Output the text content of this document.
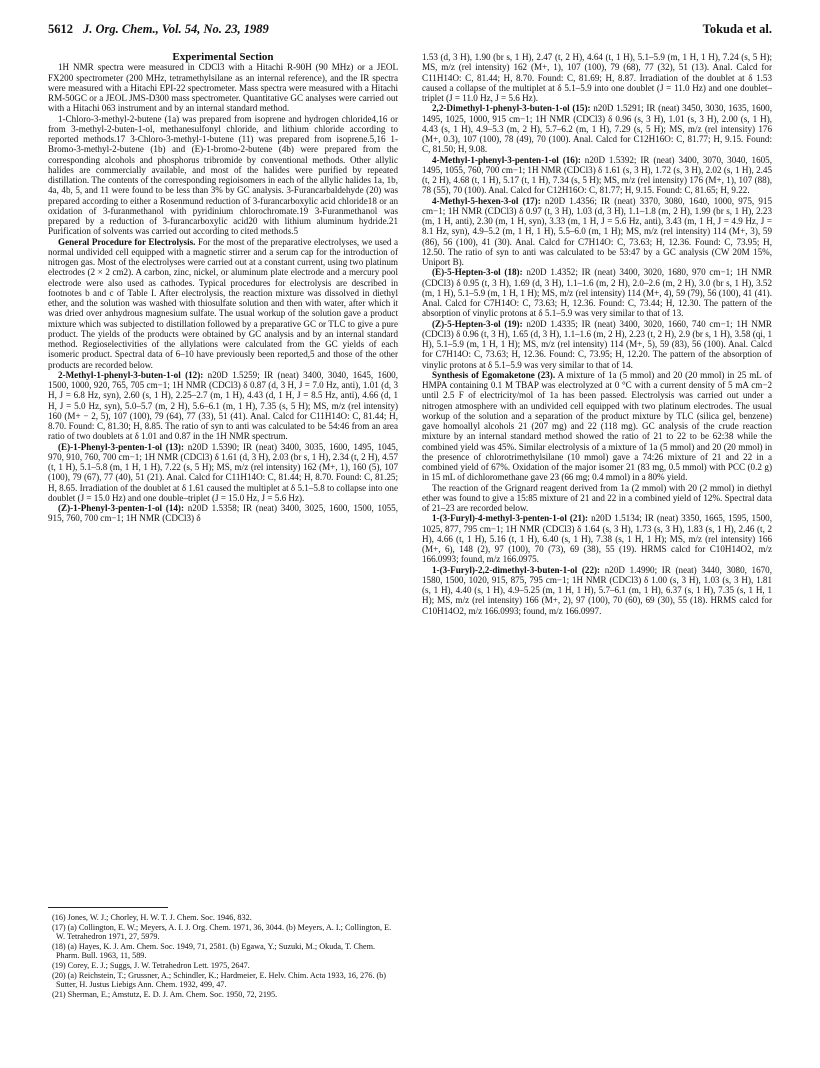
5612 J. Org. Chem., Vol. 54, No. 23, 1989	Tokuda et al.

Experimental Section

1H NMR spectra were measured in CDCl3 with a Hitachi R-90H (90 MHz) or a JEOL FX200 spectrometer (200 MHz, tetramethylsilane as an internal reference), and the IR spectra were measured with a Hitachi EPI-22 spectrometer. Mass spectra were measured with a Hitachi RM-50GC or a JEOL JMS-D300 mass spectrometer. Quantitative GC analyses were carried out with a Hitachi 063 instrument and by an internal standard method.

1-Chloro-3-methyl-2-butene (1a) was prepared from isoprene and hydrogen chloride4,16 or from 3-methyl-2-buten-1-ol, methanesulfonyl chloride, and lithium chloride according to reported methods.17 3-Chloro-3-methyl-1-butene (11) was prepared from isoprene.5,16 1-Bromo-3-methyl-2-butene (1b) and (E)-1-bromo-2-butene (4b) were prepared from the corresponding alcohols and phosphorus tribromide by conventional methods. Other allylic halides are commercially available, and most of the halides were purified by repeated distillation. The contents of the corresponding regioisomers in each of the allylic halides 1a, 1b, 4a, 4b, 5, and 11 were found to be less than 3% by GC analysis. 3-Furancarbaldehyde (20) was prepared according to either a Rosenmund reduction of 3-furancarboxylic acid chloride18 or an oxidation of 3-furanmethanol with pyridinium chlorochromate.19 3-Furanmethanol was prepared by a reduction of 3-furancarboxylic acid20 with lithium aluminum hydride.21 Purification of solvents was carried out according to cited methods.5

General Procedure for Electrolysis. For the most of the preparative electrolyses, we used a normal undivided cell equipped with a magnetic stirrer and a serum cap for the introduction of nitrogen gas. Most of the electrolyses were carried out at a constant current, using two platinum electrodes (2 × 2 cm2). A carbon, zinc, nickel, or aluminum plate electrode and a mercury pool electrode were also used as cathodes. Typical procedures for electrolysis are described in footnotes b and c of Table I. After electrolysis, the reaction mixture was dissolved in diethyl ether, and the solution was washed with thiosulfate solution and then with water, after which it was dried over anhydrous magnesium sulfate. The usual workup of the solution gave a product mixture which was subjected to distillation followed by a preparative GC or TLC to give a pure product. The yields of the products were obtained by GC analysis and by an internal standard method. Regioselectivities of the allylations were calculated from the GC yields of each isomeric product. Spectral data of 6–10 have previously been reported,5 and those of the other products are recorded below.

2-Methyl-1-phenyl-3-buten-1-ol (12): n20D 1.5259; IR (neat) 3400, 3040, 1645, 1600, 1500, 1000, 920, 765, 705 cm−1; 1H NMR (CDCl3) δ 0.87 (d, 3 H, J = 7.0 Hz, anti), 1.01 (d, 3 H, J = 6.8 Hz, syn), 2.60 (s, 1 H), 2.25–2.7 (m, 1 H), 4.43 (d, 1 H, J = 8.5 Hz, anti), 4.66 (d, 1 H, J = 5.0 Hz, syn), 5.0–5.7 (m, 2 H), 5.6–6.1 (m, 1 H), 7.35 (s, 5 H); MS, m/z (rel intensity) 160 (M+ − 2, 5), 107 (100), 79 (64), 77 (33), 51 (41). Anal. Calcd for C11H14O: C, 81.44; H, 8.70. Found: C, 81.30; H, 8.85. The ratio of syn to anti was calculated to be 54:46 from an area ratio of two doublets at δ 1.01 and 0.87 in the 1H NMR spectrum.

(E)-1-Phenyl-3-penten-1-ol (13): n20D 1.5390; IR (neat) 3400, 3035, 1600, 1495, 1045, 970, 910, 760, 700 cm−1; 1H NMR (CDCl3) δ 1.61 (d, 3 H), 2.03 (br s, 1 H), 2.34 (t, 2 H), 4.57 (t, 1 H), 5.1–5.8 (m, 1 H, 1 H), 7.22 (s, 5 H); MS, m/z (rel intensity) 162 (M+, 1), 160 (5), 107 (100), 79 (67), 77 (40), 51 (21). Anal. Calcd for C11H14O: C, 81.44; H, 8.70. Found: C, 81.25; H, 8.65. Irradiation of the doublet at δ 1.61 caused the multiplet at δ 5.1–5.8 to collapse into one doublet (J = 15.0 Hz) and one double–triplet (J = 15.0 Hz, J = 5.6 Hz).

(Z)-1-Phenyl-3-penten-1-ol (14): n20D 1.5358; IR (neat) 3400, 3025, 1600, 1500, 1055, 915, 760, 700 cm−1; 1H NMR (CDCl3) δ

(16) Jones, W. J.; Chorley, H. W. T. J. Chem. Soc. 1946, 832.
(17) (a) Collington, E. W.; Meyers, A. I. J. Org. Chem. 1971, 36, 3044. (b) Meyers, A. I.; Collington, E. W. Tetrahedron 1971, 27, 5979.
(18) (a) Hayes, K. J. Am. Chem. Soc. 1949, 71, 2581. (b) Egawa, Y.; Suzuki, M.; Okuda, T. Chem. Pharm. Bull. 1963, 11, 589.
(19) Corey, E. J.; Suggs, J. W. Tetrahedron Lett. 1975, 2647.
(20) (a) Reichstein, T.; Grussner, A.; Schindler, K.; Hardmeier, E. Helv. Chim. Acta 1933, 16, 276. (b) Sutter, H. Justus Liebigs Ann. Chem. 1932, 499, 47.
(21) Sherman, E.; Amstutz, E. D. J. Am. Chem. Soc. 1950, 72, 2195.

1.53 (d, 3 H), 1.90 (br s, 1 H), 2.47 (t, 2 H), 4.64 (t, 1 H), 5.1–5.9 (m, 1 H, 1 H), 7.24 (s, 5 H); MS, m/z (rel intensity) 162 (M+, 1), 107 (100), 79 (68), 77 (32), 51 (13). Anal. Calcd for C11H14O: C, 81.44; H, 8.70. Found: C, 81.69; H, 8.87. Irradiation of the doublet at δ 1.53 caused a collapse of the multiplet at δ 5.1–5.9 into one doublet (J = 11.0 Hz) and one doublet–triplet (J = 11.0 Hz, J = 5.6 Hz).

2,2-Dimethyl-1-phenyl-3-buten-1-ol (15): n20D 1.5291; IR (neat) 3450, 3030, 1635, 1600, 1495, 1025, 1000, 915 cm−1; 1H NMR (CDCl3) δ 0.96 (s, 3 H), 1.01 (s, 3 H), 2.00 (s, 1 H), 4.43 (s, 1 H), 4.9–5.3 (m, 2 H), 5.7–6.2 (m, 1 H), 7.29 (s, 5 H); MS, m/z (rel intensity) 176 (M+, 0.3), 107 (100), 78 (49), 70 (100). Anal. Calcd for C12H16O: C, 81.77; H, 9.15. Found: C, 81.50; H, 9.08.

4-Methyl-1-phenyl-3-penten-1-ol (16): n20D 1.5392; IR (neat) 3400, 3070, 3040, 1605, 1495, 1055, 760, 700 cm−1; 1H NMR (CDCl3) δ 1.61 (s, 3 H), 1.72 (s, 3 H), 2.02 (s, 1 H), 2.45 (t, 2 H), 4.68 (t, 1 H), 5.17 (t, 1 H), 7.34 (s, 5 H); MS, m/z (rel intensity) 176 (M+, 1), 107 (88), 78 (55), 70 (100). Anal. Calcd for C12H16O: C, 81.77; H, 9.15. Found: C, 81.65; H, 9.22.

4-Methyl-5-hexen-3-ol (17): n20D 1.4356; IR (neat) 3370, 3080, 1640, 1000, 975, 915 cm−1; 1H NMR (CDCl3) δ 0.97 (t, 3 H), 1.03 (d, 3 H), 1.1–1.8 (m, 2 H), 1.99 (br s, 1 H), 2.23 (m, 1 H, anti), 2.30 (m, 1 H, syn), 3.33 (m, 1 H, J = 5.6 Hz, anti), 3.43 (m, 1 H, J = 4.9 Hz, J = 8.1 Hz, syn), 4.9–5.2 (m, 1 H, 1 H), 5.5–6.0 (m, 1 H); MS, m/z (rel intensity) 114 (M+, 3), 59 (86), 56 (100), 41 (30). Anal. Calcd for C7H14O: C, 73.63; H, 12.36. Found: C, 73.95; H, 12.50. The ratio of syn to anti was calculated to be 53:47 by a GC analysis (CW 20M 15%, Uniport B).

(E)-5-Hepten-3-ol (18): n20D 1.4352; IR (neat) 3400, 3020, 1680, 970 cm−1; 1H NMR (CDCl3) δ 0.95 (t, 3 H), 1.69 (d, 3 H), 1.1–1.6 (m, 2 H), 2.0–2.6 (m, 2 H), 3.0 (br s, 1 H), 3.52 (m, 1 H), 5.1–5.9 (m, 1 H, 1 H); MS, m/z (rel intensity) 114 (M+, 4), 59 (79), 56 (100), 41 (41). Anal. Calcd for C7H14O: C, 73.63; H, 12.36. Found: C, 73.44; H, 12.30. The pattern of the absorption of vinylic protons at δ 5.1–5.9 was very similar to that of 13.

(Z)-5-Hepten-3-ol (19): n20D 1.4335; IR (neat) 3400, 3020, 1660, 740 cm−1; 1H NMR (CDCl3) δ 0.96 (t, 3 H), 1.65 (d, 3 H), 1.1–1.6 (m, 2 H), 2.23 (t, 2 H), 2.9 (br s, 1 H), 3.58 (qi, 1 H), 5.1–5.9 (m, 1 H, 1 H); MS, m/z (rel intensity) 114 (M+, 5), 59 (83), 56 (100). Anal. Calcd for C7H14O: C, 73.63; H, 12.36. Found: C, 73.95; H, 12.20. The pattern of the absorption of vinylic protons at δ 5.1–5.9 was very similar to that of 14.

Synthesis of Egomaketone (23). A mixture of 1a (5 mmol) and 20 (20 mmol) in 25 mL of HMPA containing 0.1 M TBAP was electrolyzed at 0 °C with a current density of 5 mA cm−2 until 2.5 F of electricity/mol of 1a has been passed. Electrolysis was carried out under a nitrogen atmosphere with an undivided cell equipped with two platinum electrodes. The usual workup of the solution and a separation of the product mixture by TLC (silica gel, benzene) gave homoallyl alcohols 21 (207 mg) and 22 (118 mg). GC analysis of the crude reaction mixture by an internal standard method showed the ratio of 21 to 22 to be 62:38 while the combined yield was 45%. Similar electrolysis of a mixture of 1a (5 mmol) and 20 (20 mmol) in the presence of chlorotrimethylsilane (10 mmol) gave a 74:26 mixture of 21 and 22 in a combined yield of 67%. Oxidation of the major isomer 21 (83 mg, 0.5 mmol) with PCC (0.2 g) in 15 mL of dichloromethane gave 23 (66 mg; 0.4 mmol) in a 80% yield.

The reaction of the Grignard reagent derived from 1a (2 mmol) with 20 (2 mmol) in diethyl ether was found to give a 15:85 mixture of 21 and 22 in a combined yield of 12%. Spectral data of 21–23 are recorded below.

1-(3-Furyl)-4-methyl-3-penten-1-ol (21): n20D 1.5134; IR (neat) 3350, 1665, 1595, 1500, 1025, 877, 795 cm−1; 1H NMR (CDCl3) δ 1.64 (s, 3 H), 1.73 (s, 3 H), 1.83 (s, 1 H), 2.46 (t, 2 H), 4.66 (t, 1 H), 5.16 (t, 1 H), 6.40 (s, 1 H), 7.38 (s, 1 H, 1 H); MS, m/z (rel intensity) 166 (M+, 6), 148 (2), 97 (100), 70 (73), 69 (38), 55 (19). HRMS calcd for C10H14O2, m/z 166.0993; found, m/z 166.0975.

1-(3-Furyl)-2,2-dimethyl-3-buten-1-ol (22): n20D 1.4990; IR (neat) 3440, 3080, 1670, 1580, 1500, 1020, 915, 875, 795 cm−1; 1H NMR (CDCl3) δ 1.00 (s, 3 H), 1.03 (s, 3 H), 1.81 (s, 1 H), 4.40 (s, 1 H), 4.9–5.25 (m, 1 H, 1 H), 5.7–6.1 (m, 1 H), 6.37 (s, 1 H), 7.35 (s, 1 H, 1 H); MS, m/z (rel intensity) 166 (M+, 2), 97 (100), 70 (60), 69 (30), 55 (18). HRMS calcd for C10H14O2, m/z 166.0993; found, m/z 166.0997.
